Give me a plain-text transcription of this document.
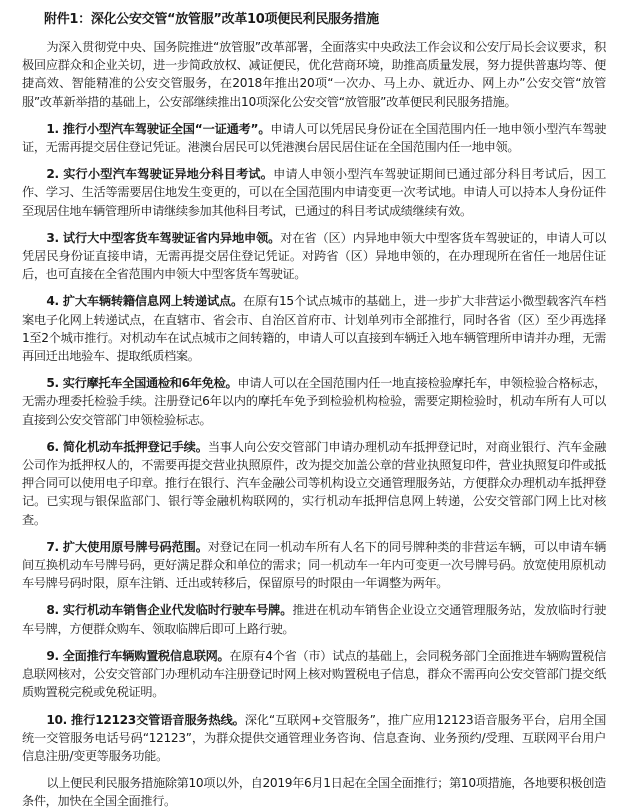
附件1：深化公安交管“放管服”改革10项便民利民服务措施

为深入贯彻党中央、国务院推进“放管服”改革部署，全面落实中央政法工作会议和公安厅局长会议要求，积极回应群众和企业关切，进一步简政放权、减证便民，优化营商环境，助推高质量发展，努力提供普惠均等、便捷高效、智能精准的公安交管服务，在2018年推出20项“一次办、马上办、就近办、网上办”公安交管“放管服”改革新举措的基础上，公安部继续推出10项深化公安交管“放管服”改革便民利民服务措施。

1. 推行小型汽车驾驶证全国“一证通考”。申请人可以凭居民身份证在全国范围内任一地申领小型汽车驾驶证，无需再提交居住登记凭证。港澳台居民可以凭港澳台居民居住证在全国范围内任一地申领。

2. 实行小型汽车驾驶证异地分科目考试。申请人申领小型汽车驾驶证期间已通过部分科目考试后，因工作、学习、生活等需要居住地发生变更的，可以在全国范围内申请变更一次考试地。申请人可以持本人身份证件至现居住地车辆管理所申请继续参加其他科目考试，已通过的科目考试成绩继续有效。

3. 试行大中型客货车驾驶证省内异地申领。对在省（区）内异地申领大中型客货车驾驶证的，申请人可以凭居民身份证直接申请，无需再提交居住登记凭证。对跨省（区）异地申领的，在办理现所在省任一地居住证后，也可直接在全省范围内申领大中型客货车驾驶证。

4. 扩大车辆转籍信息网上转递试点。在原有15个试点城市的基础上，进一步扩大非营运小微型载客汽车档案电子化网上转递试点，在直辖市、省会市、自治区首府市、计划单列市全部推行，同时各省（区）至少再选择1至2个城市推行。对机动车在试点城市之间转籍的，申请人可以直接到车辆迁入地车辆管理所申请并办理，无需再回迁出地验车、提取纸质档案。

5. 实行摩托车全国通检和6年免检。申请人可以在全国范围内任一地直接检验摩托车，申领检验合格标志，无需办理委托检验手续。注册登记6年以内的摩托车免予到检验机构检验，需要定期检验时，机动车所有人可以直接到公安交管部门申领检验标志。

6. 简化机动车抵押登记手续。当事人向公安交管部门申请办理机动车抵押登记时，对商业银行、汽车金融公司作为抵押权人的，不需要再提交营业执照原件，改为提交加盖公章的营业执照复印件，营业执照复印件或抵押合同可以使用电子印章。推行在银行、汽车金融公司等机构设立交通管理服务站，方便群众办理机动车抵押登记。已实现与银保监部门、银行等金融机构联网的，实行机动车抵押信息网上转递，公安交管部门网上比对核查。

7. 扩大使用原号牌号码范围。对登记在同一机动车所有人名下的同号牌种类的非营运车辆，可以申请车辆间互换机动车号牌号码，更好满足群众和单位的需求；同一机动车一年内可变更一次号牌号码。放宽使用原机动车号牌号码时限，原车注销、迁出或转移后，保留原号的时限由一年调整为两年。

8. 实行机动车销售企业代发临时行驶车号牌。推进在机动车销售企业设立交通管理服务站，发放临时行驶车号牌，方便群众购车、领取临牌后即可上路行驶。

9. 全面推行车辆购置税信息联网。在原有4个省（市）试点的基础上，会同税务部门全面推进车辆购置税信息联网核对，公安交管部门办理机动车注册登记时网上核对购置税电子信息，群众不需再向公安交管部门提交纸质购置税完税或免税证明。

10. 推行12123交管语音服务热线。深化“互联网+交管服务”，推广应用12123语音服务平台，启用全国统一交管服务电话号码“12123”，为群众提供交通管理业务咨询、信息查询、业务预约/受理、互联网平台用户信息注册/变更等服务功能。

以上便民利民服务措施除第10项以外，自2019年6月1日起在全国全面推行；第10项措施，各地要积极创造条件，加快在全国全面推行。
